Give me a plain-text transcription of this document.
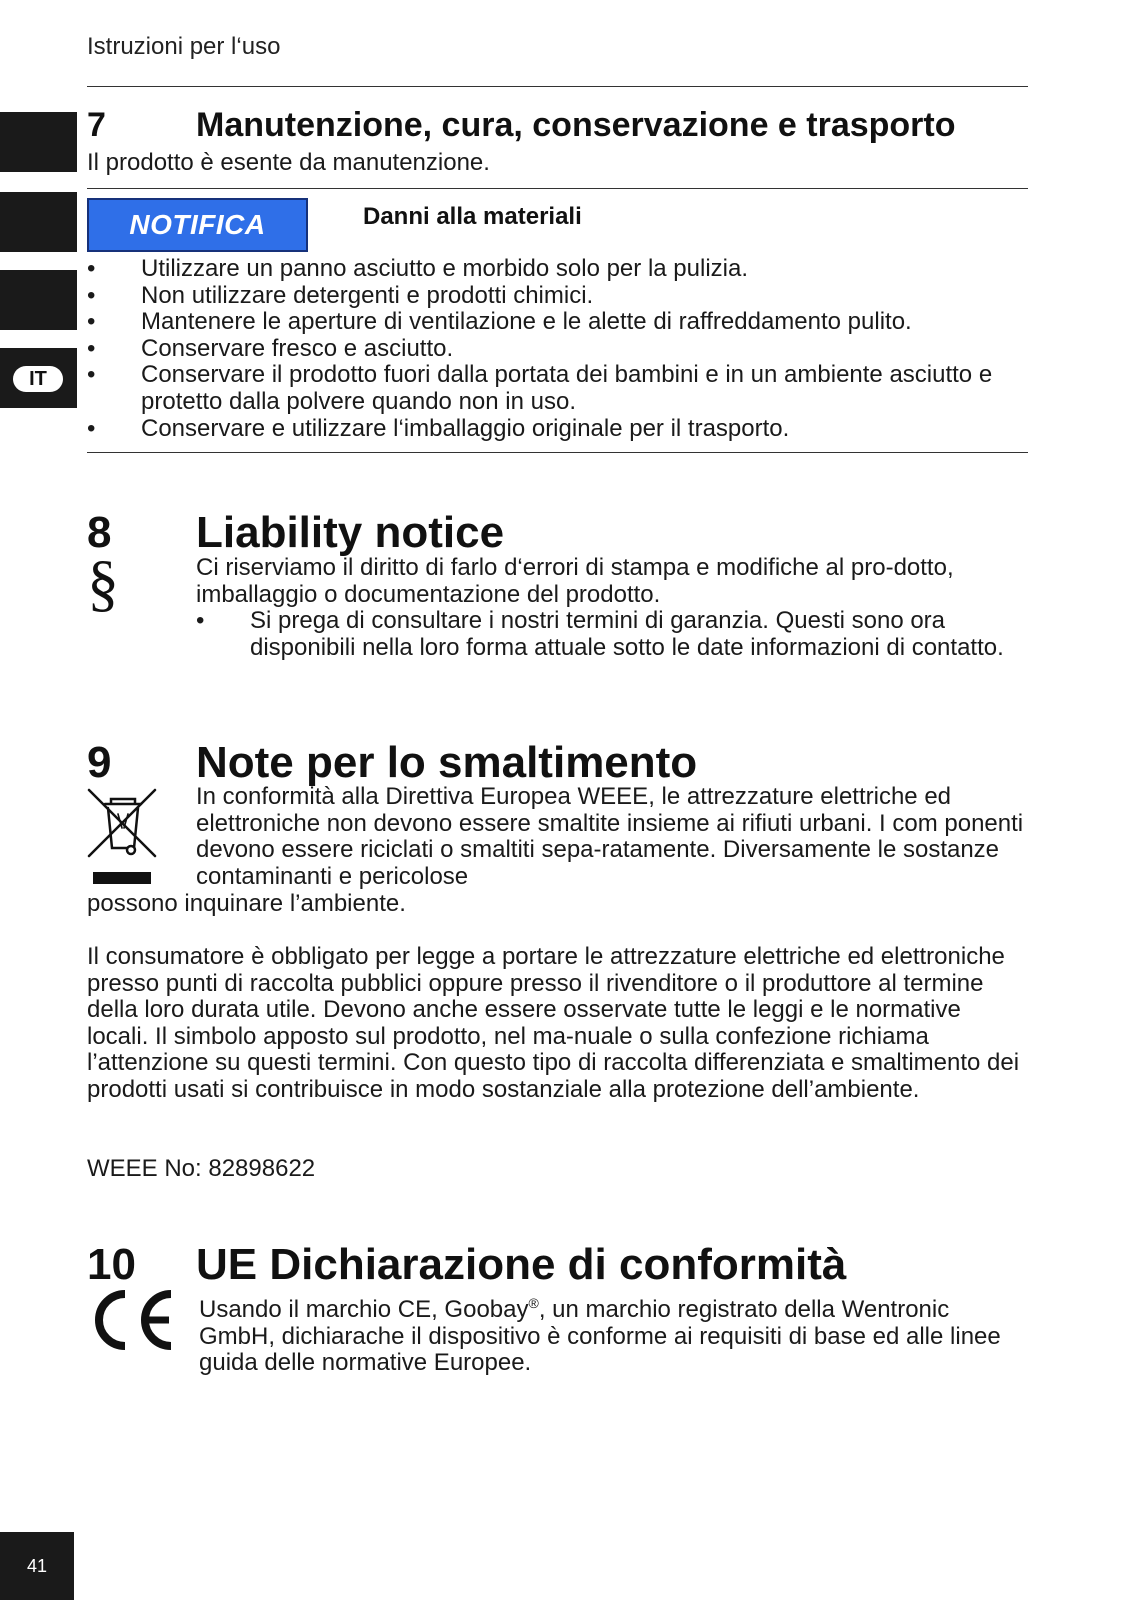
Istruzioni per l‘uso
IT
7	Manutenzione, cura, conservazione e trasporto
Il prodotto è esente da manutenzione.
NOTIFICA	Danni alla materiali
• Utilizzare un panno asciutto e morbido solo per la pulizia.
• Non utilizzare detergenti e prodotti chimici.
• Mantenere le aperture di ventilazione e le alette di raffreddamento pulito.
• Conservare fresco e asciutto.
• Conservare il prodotto fuori dalla portata dei bambini e in un ambiente asciutto e protetto dalla polvere quando non in uso.
• Conservare e utilizzare l‘imballaggio originale per il trasporto.
8 Liability notice
§	Ci riserviamo il diritto di farlo d‘errori di stampa e modifiche al pro-dotto, imballaggio o documentazione del prodotto.
• Si prega di consultare i nostri termini di garanzia. Questi sono ora disponibili nella loro forma attuale sotto le date informazioni di contatto.
9 Note per lo smaltimento
In conformità alla Direttiva Europea WEEE, le attrezzature elettriche ed elettroniche non devono essere smaltite insieme ai rifiuti urbani. I com ponenti devono essere riciclati o smaltiti sepa-ratamente. Diversamente le sostanze contaminanti e pericolose
possono inquinare l’ambiente.
Il consumatore è obbligato per legge a portare le attrezzature elettriche ed elettroniche presso punti di raccolta pubblici oppure presso il rivenditore o il produttore al termine della loro durata utile. Devono anche essere osservate tutte le leggi e le normative locali. Il simbolo apposto sul prodotto, nel ma-nuale o sulla confezione richiama l’attenzione su questi termini. Con questo tipo di raccolta differenziata e smaltimento dei prodotti usati si contribuisce in modo sostanziale alla protezione dell’ambiente.
WEEE No: 82898622
10 UE Dichiarazione di conformità
Usando il marchio CE, Goobay®, un marchio registrato della Wentronic GmbH, dichiarache il dispositivo è conforme ai requisiti di base ed alle linee guida delle normative Europee.
41
